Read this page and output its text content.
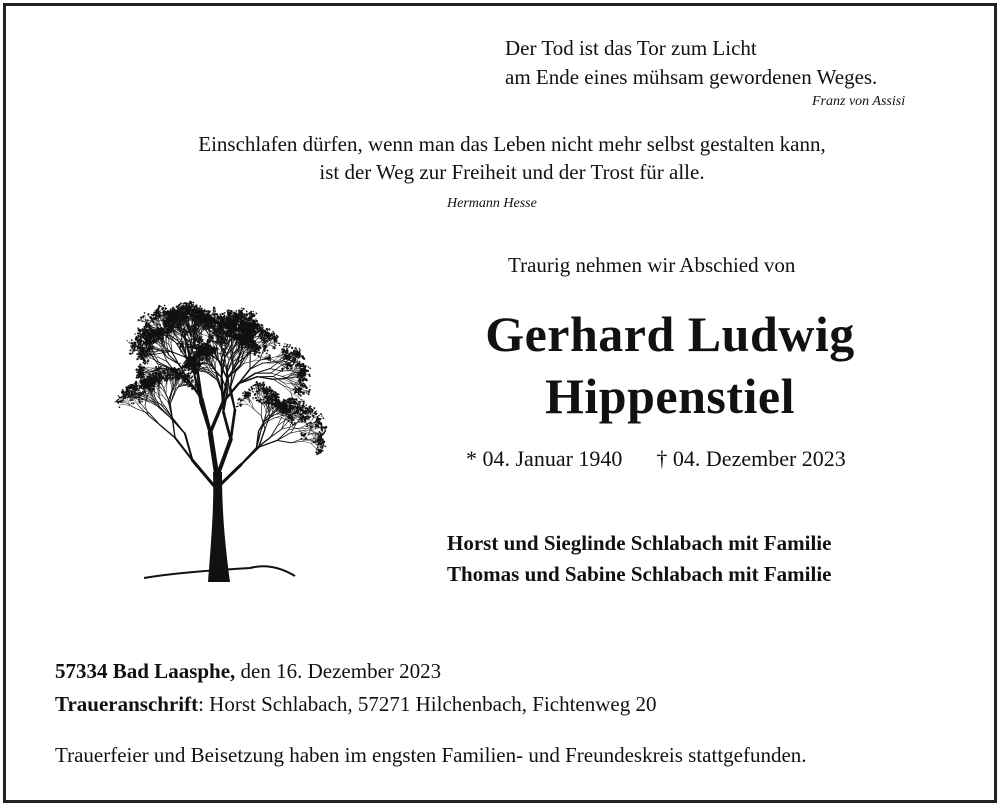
Der Tod ist das Tor zum Licht
am Ende eines mühsam gewordenen Weges.
Franz von Assisi
Einschlafen dürfen, wenn man das Leben nicht mehr selbst gestalten kann,
ist der Weg zur Freiheit und der Trost für alle.
Hermann Hesse
Traurig nehmen wir Abschied von
Gerhard Ludwig
Hippenstiel
* 04. Januar 1940 † 04. Dezember 2023
Horst und Sieglinde Schlabach mit Familie
Thomas und Sabine Schlabach mit Familie
57334 Bad Laasphe, den 16. Dezember 2023
Traueranschrift: Horst Schlabach, 57271 Hilchenbach, Fichtenweg 20
Trauerfeier und Beisetzung haben im engsten Familien- und Freundeskreis stattgefunden.
